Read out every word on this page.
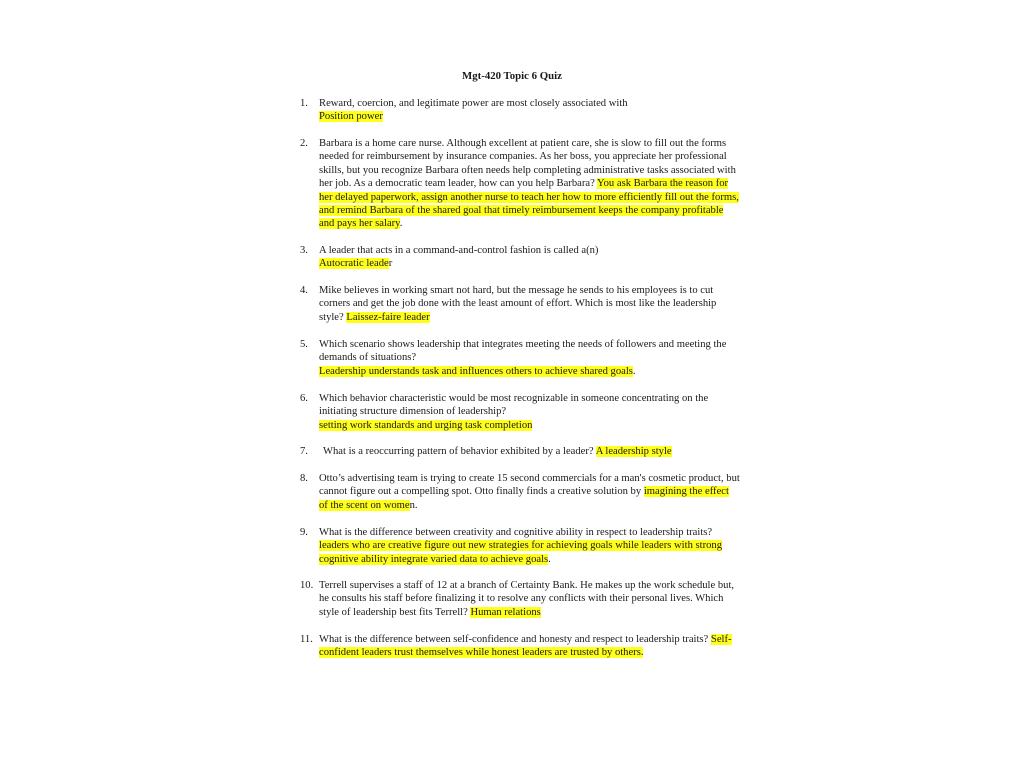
Mgt-420 Topic 6 Quiz
1.	Reward, coercion, and legitimate power are most closely associated with
Position power
2.	Barbara is a home care nurse. Although excellent at patient care, she is slow to fill out the forms needed for reimbursement by insurance companies. As her boss, you appreciate her professional skills, but you recognize Barbara often needs help completing administrative tasks associated with her job. As a democratic team leader, how can you help Barbara? You ask Barbara the reason for her delayed paperwork, assign another nurse to teach her how to more efficiently fill out the forms, and remind Barbara of the shared goal that timely reimbursement keeps the company profitable and pays her salary.
3.	A leader that acts in a command-and-control fashion is called a(n)
Autocratic leader
4.	Mike believes in working smart not hard, but the message he sends to his employees is to cut corners and get the job done with the least amount of effort. Which is most like the leadership style? Laissez-faire leader
5.	Which scenario shows leadership that integrates meeting the needs of followers and meeting the demands of situations?
Leadership understands task and influences others to achieve shared goals.
6.	Which behavior characteristic would be most recognizable in someone concentrating on the initiating structure dimension of leadership?
setting work standards and urging task completion
7.	What is a reoccurring pattern of behavior exhibited by a leader? A leadership style
8.	Otto’s advertising team is trying to create 15 second commercials for a man's cosmetic product, but cannot figure out a compelling spot. Otto finally finds a creative solution by imagining the effect of the scent on women.
9.	What is the difference between creativity and cognitive ability in respect to leadership traits? leaders who are creative figure out new strategies for achieving goals while leaders with strong cognitive ability integrate varied data to achieve goals.
10. Terrell supervises a staff of 12 at a branch of Certainty Bank. He makes up the work schedule but, he consults his staff before finalizing it to resolve any conflicts with their personal lives. Which style of leadership best fits Terrell? Human relations
11. What is the difference between self-confidence and honesty and respect to leadership traits? Self-confident leaders trust themselves while honest leaders are trusted by others.
